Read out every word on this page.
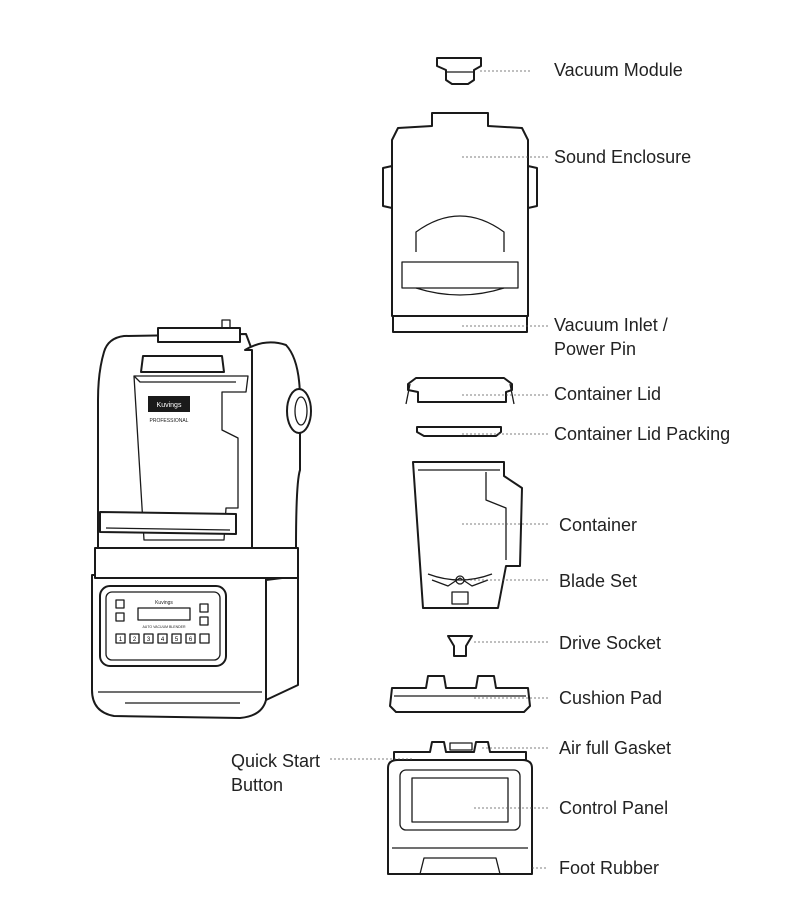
Kuvings
PROFESSIONAL
Kuvings
AUTO VACUUM BLENDER
1 2 3 4 5 6
Vacuum Module
Sound Enclosure
Vacuum Inlet /
Power Pin
Container Lid
Container Lid Packing
Container
Blade Set
Drive Socket
Cushion Pad
Air full Gasket
Control Panel
Foot Rubber
Quick Start
Button
